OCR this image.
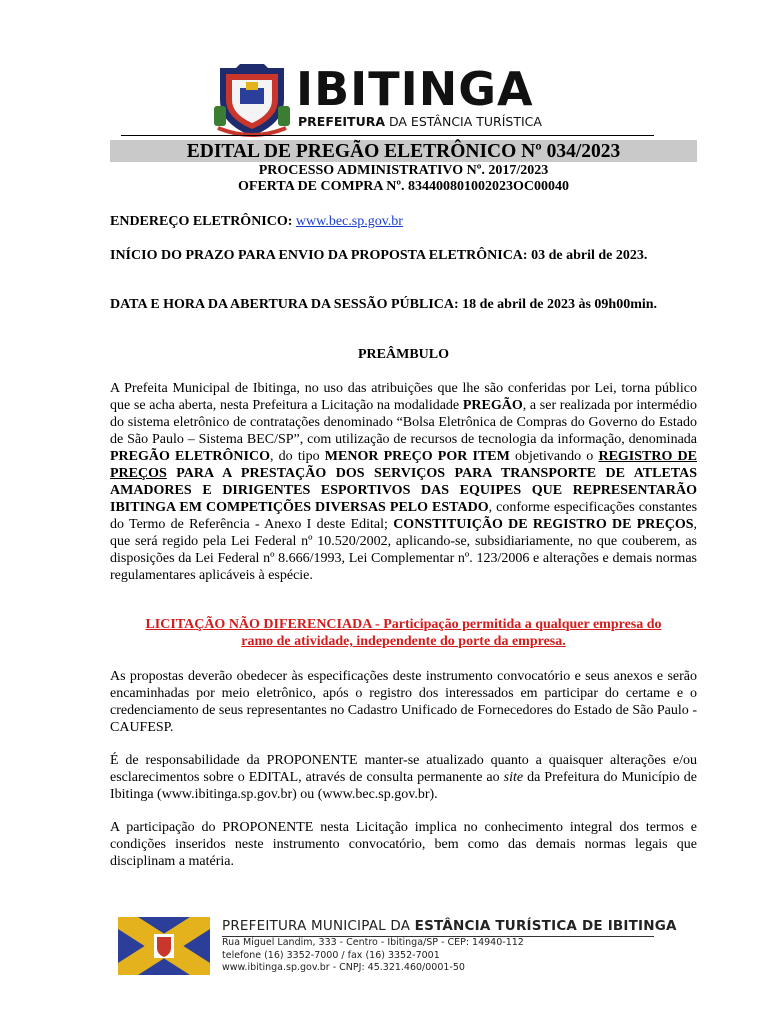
IBITINGA
PREFEITURA DA ESTÂNCIA TURÍSTICA
EDITAL DE PREGÃO ELETRÔNICO Nº 034/2023
PROCESSO ADMINISTRATIVO Nº. 2017/2023
OFERTA DE COMPRA Nº. 834400801002023OC00040
ENDEREÇO ELETRÔNICO: www.bec.sp.gov.br
INÍCIO DO PRAZO PARA ENVIO DA PROPOSTA ELETRÔNICA: 03 de abril de 2023.
DATA E HORA DA ABERTURA DA SESSÃO PÚBLICA: 18 de abril de 2023 às 09h00min.
PREÂMBULO
A Prefeita Municipal de Ibitinga, no uso das atribuições que lhe são conferidas por Lei, torna público que se acha aberta, nesta Prefeitura a Licitação na modalidade PREGÃO, a ser realizada por intermédio do sistema eletrônico de contratações denominado “Bolsa Eletrônica de Compras do Governo do Estado de São Paulo – Sistema BEC/SP”, com utilização de recursos de tecnologia da informação, denominada PREGÃO ELETRÔNICO, do tipo MENOR PREÇO POR ITEM objetivando o REGISTRO DE PREÇOS PARA A PRESTAÇÃO DOS SERVIÇOS PARA TRANSPORTE DE ATLETAS AMADORES E DIRIGENTES ESPORTIVOS DAS EQUIPES QUE REPRESENTARÃO IBITINGA EM COMPETIÇÕES DIVERSAS PELO ESTADO, conforme especificações constantes do Termo de Referência - Anexo I deste Edital; CONSTITUIÇÃO DE REGISTRO DE PREÇOS, que será regido pela Lei Federal nº 10.520/2002, aplicando-se, subsidiariamente, no que couberem, as disposições da Lei Federal nº 8.666/1993, Lei Complementar nº. 123/2006 e alterações e demais normas regulamentares aplicáveis à espécie.
LICITAÇÃO NÃO DIFERENCIADA - Participação permitida a qualquer empresa do
ramo de atividade, independente do porte da empresa.
As propostas deverão obedecer às especificações deste instrumento convocatório e seus anexos e serão encaminhadas por meio eletrônico, após o registro dos interessados em participar do certame e o credenciamento de seus representantes no Cadastro Unificado de Fornecedores do Estado de São Paulo - CAUFESP.
É de responsabilidade da PROPONENTE manter-se atualizado quanto a quaisquer alterações e/ou esclarecimentos sobre o EDITAL, através de consulta permanente ao site da Prefeitura do Município de Ibitinga (www.ibitinga.sp.gov.br) ou (www.bec.sp.gov.br).
A participação do PROPONENTE nesta Licitação implica no conhecimento integral dos termos e condições inseridos neste instrumento convocatório, bem como das demais normas legais que disciplinam a matéria.
PREFEITURA MUNICIPAL DA ESTÂNCIA TURÍSTICA DE IBITINGA
Rua Miguel Landim, 333 - Centro - Ibitinga/SP - CEP: 14940-112
telefone (16) 3352-7000 / fax (16) 3352-7001
www.ibitinga.sp.gov.br - CNPJ: 45.321.460/0001-50
